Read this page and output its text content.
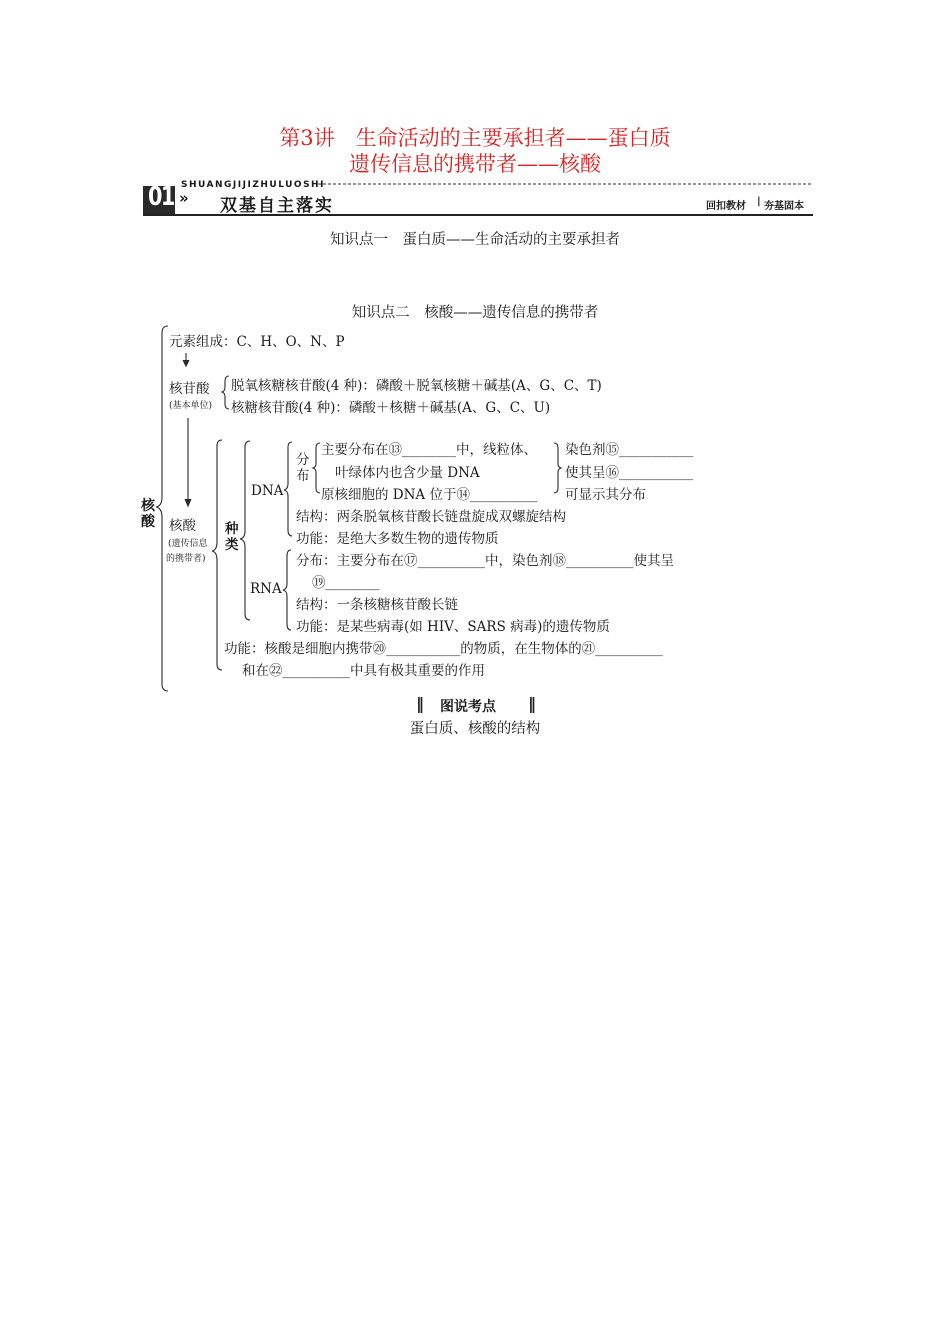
第3讲　生命活动的主要承担者——蛋白质
遗传信息的携带者——核酸
SHUANGJIJIZHULUOSHI
01 » 双基自主落实	回扣教材 | 夯基固本
知识点一　蛋白质——生命活动的主要承担者
知识点二　核酸——遗传信息的携带者
核酸
元素组成：C、H、O、N、P
核苷酸
(基本单位)
脱氧核糖核苷酸(4 种)：磷酸＋脱氧核糖＋碱基(A、G、C、T)
核糖核苷酸(4 种)：磷酸＋核糖＋碱基(A、G、C、U)
核酸
(遗传信息
的携带者)
种类
DNA
分布
主要分布在⑬________中，线粒体、
叶绿体内也含少量 DNA
原核细胞的 DNA 位于⑭__________
染色剂⑮___________
使其呈⑯___________
可显示其分布
结构：两条脱氧核苷酸长链盘旋成双螺旋结构
功能：是绝大多数生物的遗传物质
RNA
分布：主要分布在⑰__________中，染色剂⑱__________使其呈
⑲________
结构：一条核糖核苷酸长链
功能：是某些病毒(如 HIV、SARS 病毒)的遗传物质
功能：核酸是细胞内携带⑳___________的物质，在生物体的㉑__________
和在㉒__________中具有极其重要的作用
‖ 图说考点 ‖
蛋白质、核酸的结构
